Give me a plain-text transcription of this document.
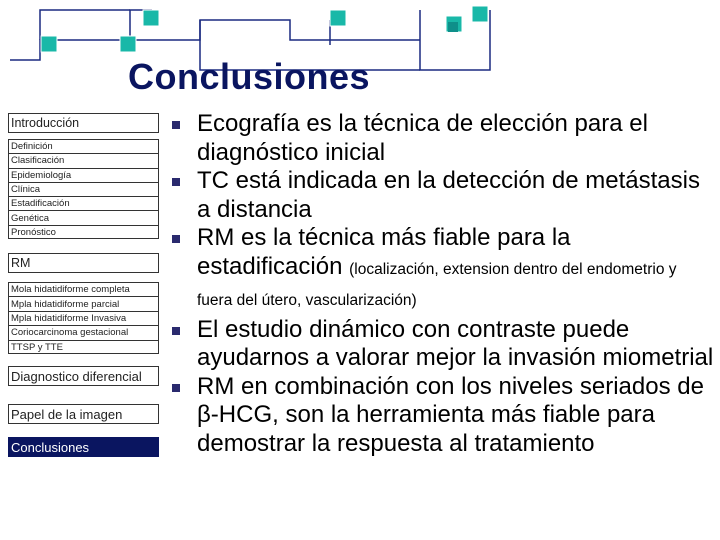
Conclusiones
Introducción
Definición
Clasificación
Epidemiología
Clínica
Estadificación
Genética
Pronóstico
RM
Mola hidatidiforme completa
Mpla hidatidiforme parcial
Mpla hidatidiforme Invasiva
Coriocarcinoma gestacional
TTSP y TTE
Diagnostico diferencial
Papel de la imagen
Conclusiones
Ecografía es la técnica de elección para el diagnóstico inicial
TC está indicada en la detección de metástasis a distancia
RM es la técnica más fiable para la estadificación (localización, extension dentro del endometrio y fuera del útero, vascularización)
El estudio dinámico con contraste puede ayudarnos a valorar mejor la invasión miometrial
RM en combinación con los niveles seriados de β-HCG, son la herramienta más fiable para demostrar la respuesta al tratamiento
